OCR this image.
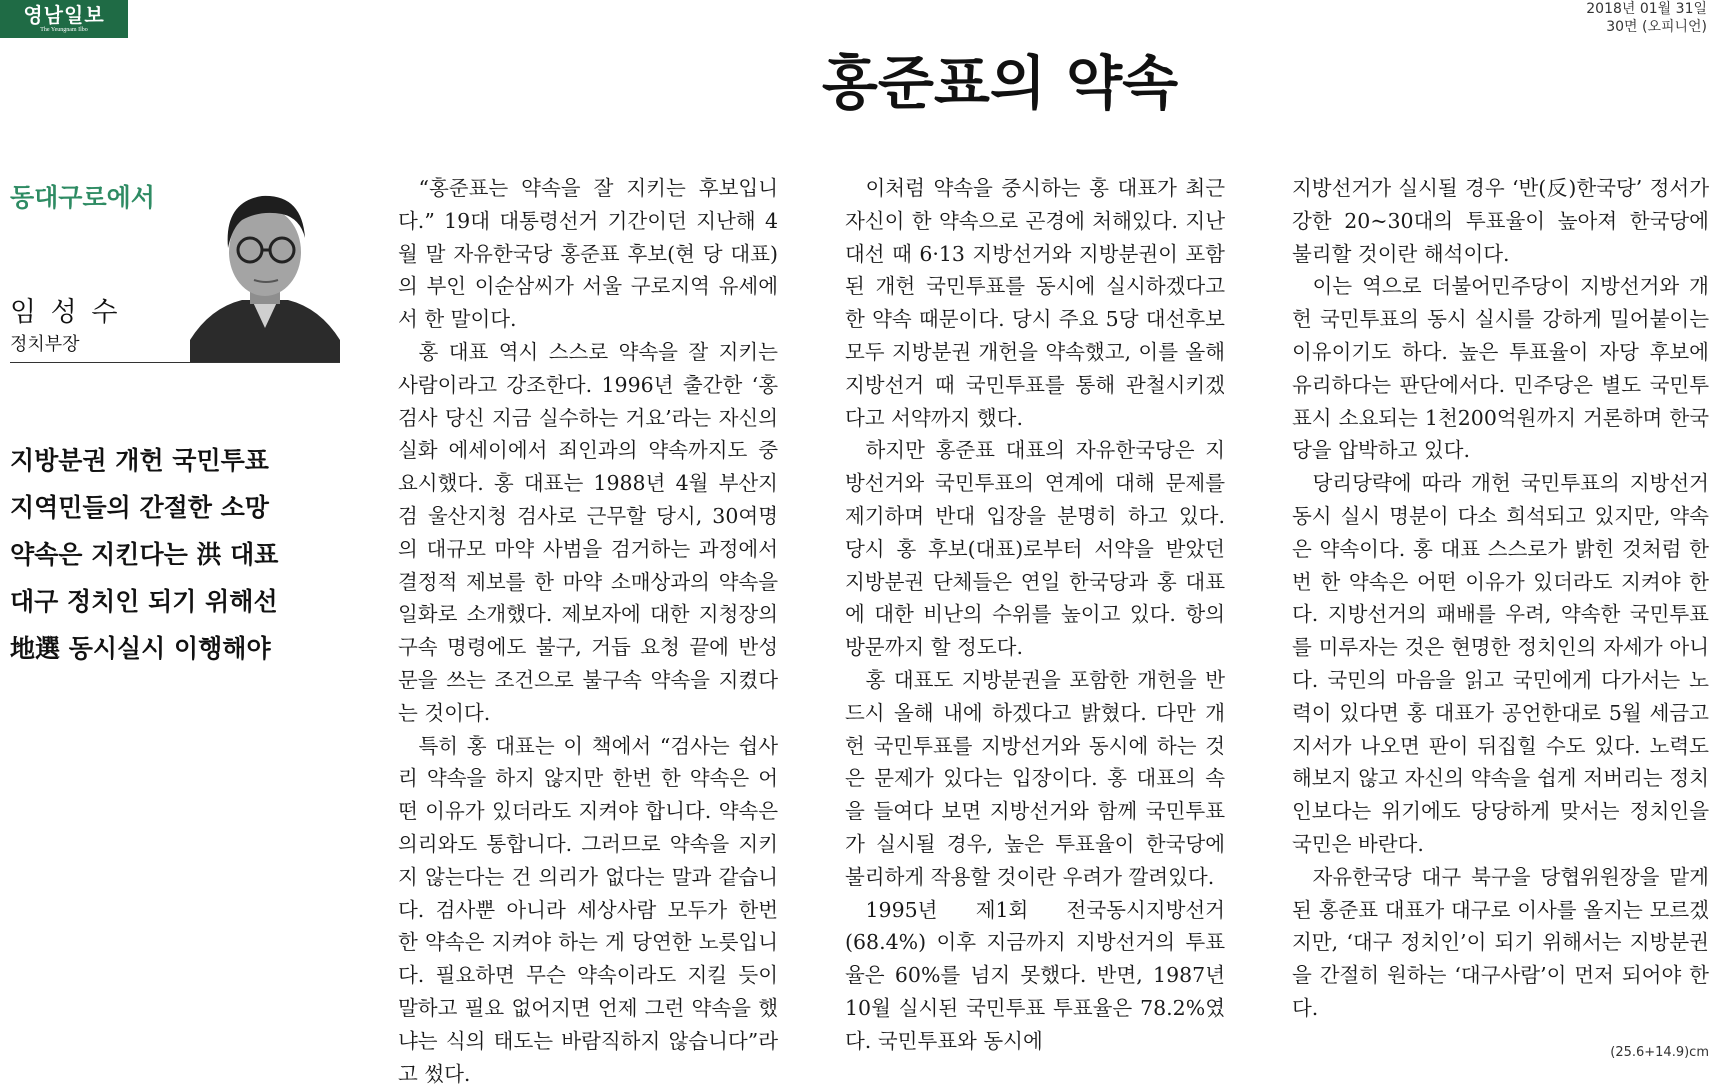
영남일보
The Yeungnam Ilbo
2018년 01월 31일
30면 (오피니언)
홍준표의 약속
동대구로에서
임 성 수
정치부장
지방분권 개헌 국민투표
지역민들의 간절한 소망
약속은 지킨다는 洪 대표
대구 정치인 되기 위해선
地選 동시실시 이행해야

“홍준표는 약속을 잘 지키는 후보입니다.” 19대 대통령선거 기간이던 지난해 4월 말 자유한국당 홍준표 후보(현 당 대표)의 부인 이순삼씨가 서울 구로지역 유세에서 한 말이다.

홍 대표 역시 스스로 약속을 잘 지키는 사람이라고 강조한다. 1996년 출간한 ‘홍검사 당신 지금 실수하는 거요’라는 자신의 실화 에세이에서 죄인과의 약속까지도 중요시했다. 홍 대표는 1988년 4월 부산지검 울산지청 검사로 근무할 당시, 30여명의 대규모 마약 사범을 검거하는 과정에서 결정적 제보를 한 마약 소매상과의 약속을 일화로 소개했다. 제보자에 대한 지청장의 구속 명령에도 불구, 거듭 요청 끝에 반성문을 쓰는 조건으로 불구속 약속을 지켰다는 것이다.

특히 홍 대표는 이 책에서 “검사는 쉽사리 약속을 하지 않지만 한번 한 약속은 어떤 이유가 있더라도 지켜야 합니다. 약속은 의리와도 통합니다. 그러므로 약속을 지키지 않는다는 건 의리가 없다는 말과 같습니다. 검사뿐 아니라 세상사람 모두가 한번 한 약속은 지켜야 하는 게 당연한 노릇입니다. 필요하면 무슨 약속이라도 지킬 듯이 말하고 필요 없어지면 언제 그런 약속을 했냐는 식의 태도는 바람직하지 않습니다”라고 썼다.

이처럼 약속을 중시하는 홍 대표가 최근 자신이 한 약속으로 곤경에 처해있다. 지난 대선 때 6·13 지방선거와 지방분권이 포함된 개헌 국민투표를 동시에 실시하겠다고 한 약속 때문이다. 당시 주요 5당 대선후보 모두 지방분권 개헌을 약속했고, 이를 올해 지방선거 때 국민투표를 통해 관철시키겠다고 서약까지 했다.

하지만 홍준표 대표의 자유한국당은 지방선거와 국민투표의 연계에 대해 문제를 제기하며 반대 입장을 분명히 하고 있다. 당시 홍 후보(대표)로부터 서약을 받았던 지방분권 단체들은 연일 한국당과 홍 대표에 대한 비난의 수위를 높이고 있다. 항의방문까지 할 정도다.

홍 대표도 지방분권을 포함한 개헌을 반드시 올해 내에 하겠다고 밝혔다. 다만 개헌 국민투표를 지방선거와 동시에 하는 것은 문제가 있다는 입장이다. 홍 대표의 속을 들여다 보면 지방선거와 함께 국민투표가 실시될 경우, 높은 투표율이 한국당에 불리하게 작용할 것이란 우려가 깔려있다.

1995년 제1회 전국동시지방선거(68.4%) 이후 지금까지 지방선거의 투표율은 60%를 넘지 못했다. 반면, 1987년 10월 실시된 국민투표 투표율은 78.2%였다. 국민투표와 동시에

지방선거가 실시될 경우 ‘반(反)한국당’ 정서가 강한 20~30대의 투표율이 높아져 한국당에 불리할 것이란 해석이다.

이는 역으로 더불어민주당이 지방선거와 개헌 국민투표의 동시 실시를 강하게 밀어붙이는 이유이기도 하다. 높은 투표율이 자당 후보에 유리하다는 판단에서다. 민주당은 별도 국민투표시 소요되는 1천200억원까지 거론하며 한국당을 압박하고 있다.

당리당략에 따라 개헌 국민투표의 지방선거 동시 실시 명분이 다소 희석되고 있지만, 약속은 약속이다. 홍 대표 스스로가 밝힌 것처럼 한번 한 약속은 어떤 이유가 있더라도 지켜야 한다. 지방선거의 패배를 우려, 약속한 국민투표를 미루자는 것은 현명한 정치인의 자세가 아니다. 국민의 마음을 읽고 국민에게 다가서는 노력이 있다면 홍 대표가 공언한대로 5월 세금고지서가 나오면 판이 뒤집힐 수도 있다. 노력도 해보지 않고 자신의 약속을 쉽게 저버리는 정치인보다는 위기에도 당당하게 맞서는 정치인을 국민은 바란다.

자유한국당 대구 북구을 당협위원장을 맡게 된 홍준표 대표가 대구로 이사를 올지는 모르겠지만, ‘대구 정치인’이 되기 위해서는 지방분권을 간절히 원하는 ‘대구사람’이 먼저 되어야 한다.

(25.6+14.9)cm
